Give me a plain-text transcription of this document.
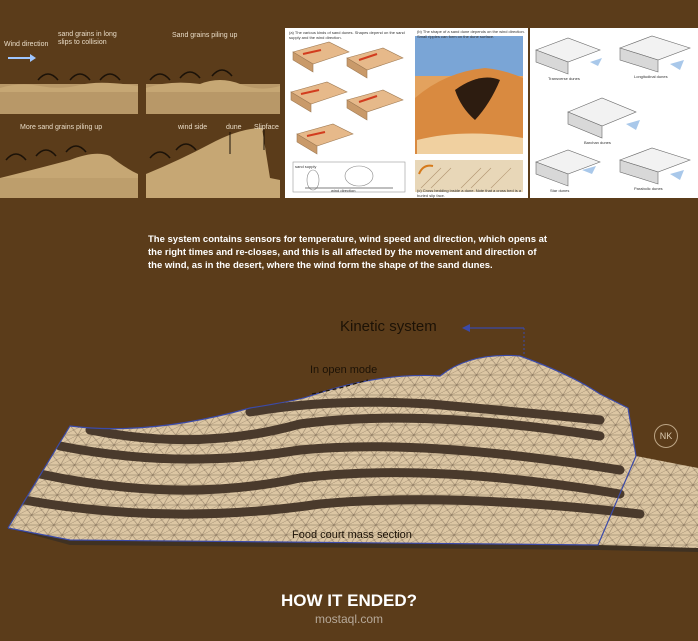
Wind direction
sand grains in long slips to collision
Sand grains piling up
More sand grains piling up	wind side	dune Slipface
(a) The various kinds of sand dunes. Shapes depend on the sand supply and the wind direction.
(b) The shape of a sand dune depends on the wind direction. Small ripples can form on the dune surface.
(c) Cross bedding inside a dune. Note that a cross bed is a buried slip face.
wind direction
sand supply
Transverse dunes	Longitudinal dunes
Barchan dunes
Star dunes	Parabolic dunes
The system contains sensors for temperature, wind speed and direction, which opens at the right times and re-closes, and this is all affected by the movement and direction of the wind, as in the desert, where the wind form the shape of the sand dunes.
Kinetic system
In open mode
Food court mass section
NK
HOW IT ENDED?
mostaql.com
